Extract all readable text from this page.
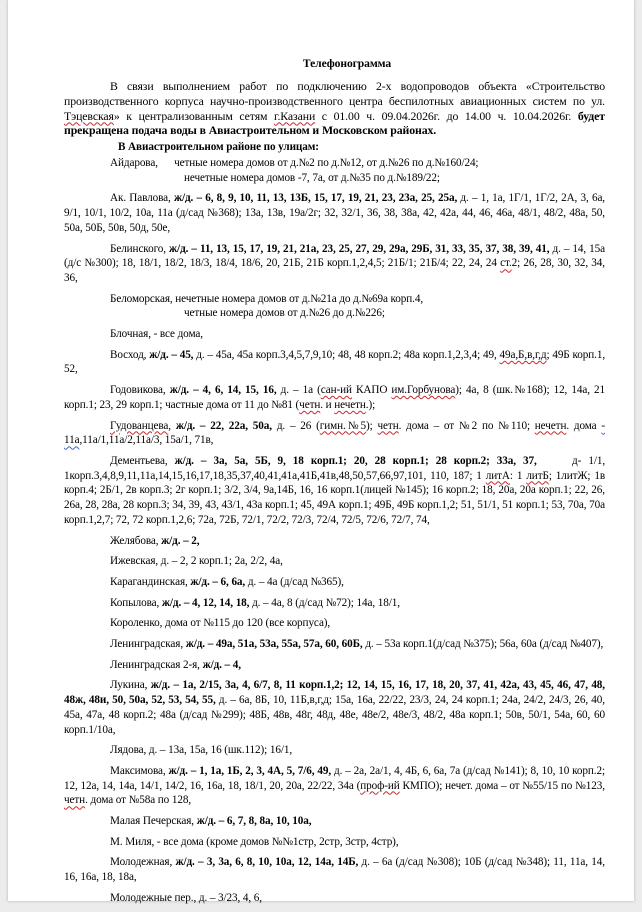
Телефонограмма

В связи выполнением работ по подключению 2-х водопроводов объекта «Строительство производственного корпуса научно-производственного центра беспилотных авиационных систем по ул. Тэцевская» к централизованным сетям г.Казани с 01.00 ч. 09.04.2026г. до 14.00 ч. 10.04.2026г. будет прекращена подача воды в Авиастроительном и Московском районах.

В Авиастроительном районе по улицам:

Айдарова,      четные номера домов от д.№2 по д.№12, от д.№26 по д.№160/24;

нечетные номера домов -7, 7а, от д.№35 по д.№189/22;

Ак. Павлова, ж/д. – 6, 8, 9, 10, 11, 13, 13Б, 15, 17, 19, 21, 23, 23а, 25, 25а, д. – 1, 1а, 1Г/1, 1Г/2, 2А, 3, 6а, 9/1, 10/1, 10/2, 10а, 11а (д/сад №368); 13а, 13в, 19а/2г; 32, 32/1, 36, 38, 38а, 42, 42а, 44, 46, 46а, 48/1, 48/2, 48а, 50, 50а, 50Б, 50в, 50д, 50е,

Белинского, ж/д. – 11, 13, 15, 17, 19, 21, 21а, 23, 25, 27, 29, 29а, 29Б, 31, 33, 35, 37, 38, 39, 41, д. – 14, 15а (д/с №300); 18, 18/1, 18/2, 18/3, 18/4, 18/6, 20, 21Б, 21Б корп.1,2,4,5; 21Б/1; 21Б/4; 22, 24, 24 ст.2; 26, 28, 30, 32, 34, 36,

Беломорская, нечетные номера домов от д.№21а до д.№69а корп.4,

четные номера домов от д.№26 до д.№226;

Блочная, - все дома,

Восход, ж/д. – 45, д. – 45а, 45а корп.3,4,5,7,9,10; 48, 48 корп.2; 48а корп.1,2,3,4; 49, 49а,Б,в,г,д; 49Б корп.1, 52,

Годовикова, ж/д. – 4, 6, 14, 15, 16, д. – 1а (сан-ий КАПО им.Горбунова); 4а, 8 (шк.№168); 12, 14а, 21 корп.1; 23, 29 корп.1; частные дома от 11 до №81 (четн. и нечетн.);

Гудованцева, ж/д. – 22, 22а, 50а, д. – 26 (гимн.№5); четн. дома – от №2 по №110; нечетн. дома - 11а,11а/1,11а/2,11а/3, 15а/1, 71в,

Дементьева, ж/д. – 3а, 5а, 5Б, 9, 18 корп.1; 20, 28 корп.1; 28 корп.2; 33а, 37,     д- 1/1, 1корп.3,4,8,9,11,11а,14,15,16,17,18,35,37,40,41,41а,41Б,41в,48,50,57,66,97,101, 110, 187; 1 литА: 1 литБ; 1литЖ; 1в корп.4; 2Б/1, 2в корп.3; 2г корп.1; 3/2, 3/4, 9а,14Б, 16, 16 корп.1(лицей №145); 16 корп.2; 18, 20а, 20а корп.1; 22, 26, 26а, 28, 28а, 28 корп.3; 34, 39, 43, 43/1, 43а корп.1; 45, 49А корп.1; 49Б, 49Б корп.1,2; 51, 51/1, 51 корп.1; 53, 70а, 70а корп.1,2,7; 72, 72 корп.1,2,6; 72а, 72Б, 72/1, 72/2, 72/3, 72/4, 72/5, 72/6, 72/7, 74,

Желябова, ж/д. – 2,

Ижевская, д. – 2, 2 корп.1; 2а, 2/2, 4а,

Карагандинская, ж/д. – 6, 6а, д. – 4а (д/сад №365),

Копылова, ж/д. – 4, 12, 14, 18, д. – 4а, 8 (д/сад №72); 14а, 18/1,

Короленко, дома от №115 до 120 (все корпуса),

Ленинградская, ж/д. – 49а, 51а, 53а, 55а, 57а, 60, 60Б, д. – 53а корп.1(д/сад №375); 56а, 60а (д/сад №407),

Ленинградская 2-я, ж/д. – 4,

Лукина, ж/д. – 1а, 2/15, 3а, 4, 6/7, 8, 11 корп.1,2; 12, 14, 15, 16, 17, 18, 20, 37, 41, 42а, 43, 45, 46, 47, 48, 48ж, 48и, 50, 50а, 52, 53, 54, 55, д. – 6а, 8Б, 10, 11Б,в,г,д; 15а, 16а, 22/22, 23/3, 24, 24 корп.1; 24а, 24/2, 24/3, 26, 40, 45а, 47а, 48 корп.2; 48а (д/сад №299); 48Б, 48в, 48г, 48д, 48е, 48е/2, 48е/3, 48/2, 48а корп.1; 50в, 50/1, 54а, 60, 60 корп.1/10а,

Лядова, д. – 13а, 15а, 16 (шк.112); 16/1,

Максимова, ж/д. – 1, 1а, 1Б, 2, 3, 4А, 5, 7/6, 49, д. – 2а, 2а/1, 4, 4Б, 6, 6а, 7а (д/сад №141); 8, 10, 10 корп.2; 12, 12а, 14, 14а, 14/1, 14/2, 16, 16а, 18, 18/1, 20, 20а, 22/22, 34а (проф-ий КМПО); нечет. дома – от №55/15 по №123, четн. дома от №58а по 128,

Малая Печерская, ж/д. – 6, 7, 8, 8а, 10, 10а,

М. Миля, - все дома (кроме домов №№1стр, 2стр, 3стр, 4стр),

Молодежная, ж/д. – 3, 3а, 6, 8, 10, 10а, 12, 14а, 14Б, д. – 6а (д/сад №308); 10Б (д/сад №348); 11, 11а, 14, 16, 16а, 18, 18а,

Молодежные пер., д. – 3/23, 4, 6,
